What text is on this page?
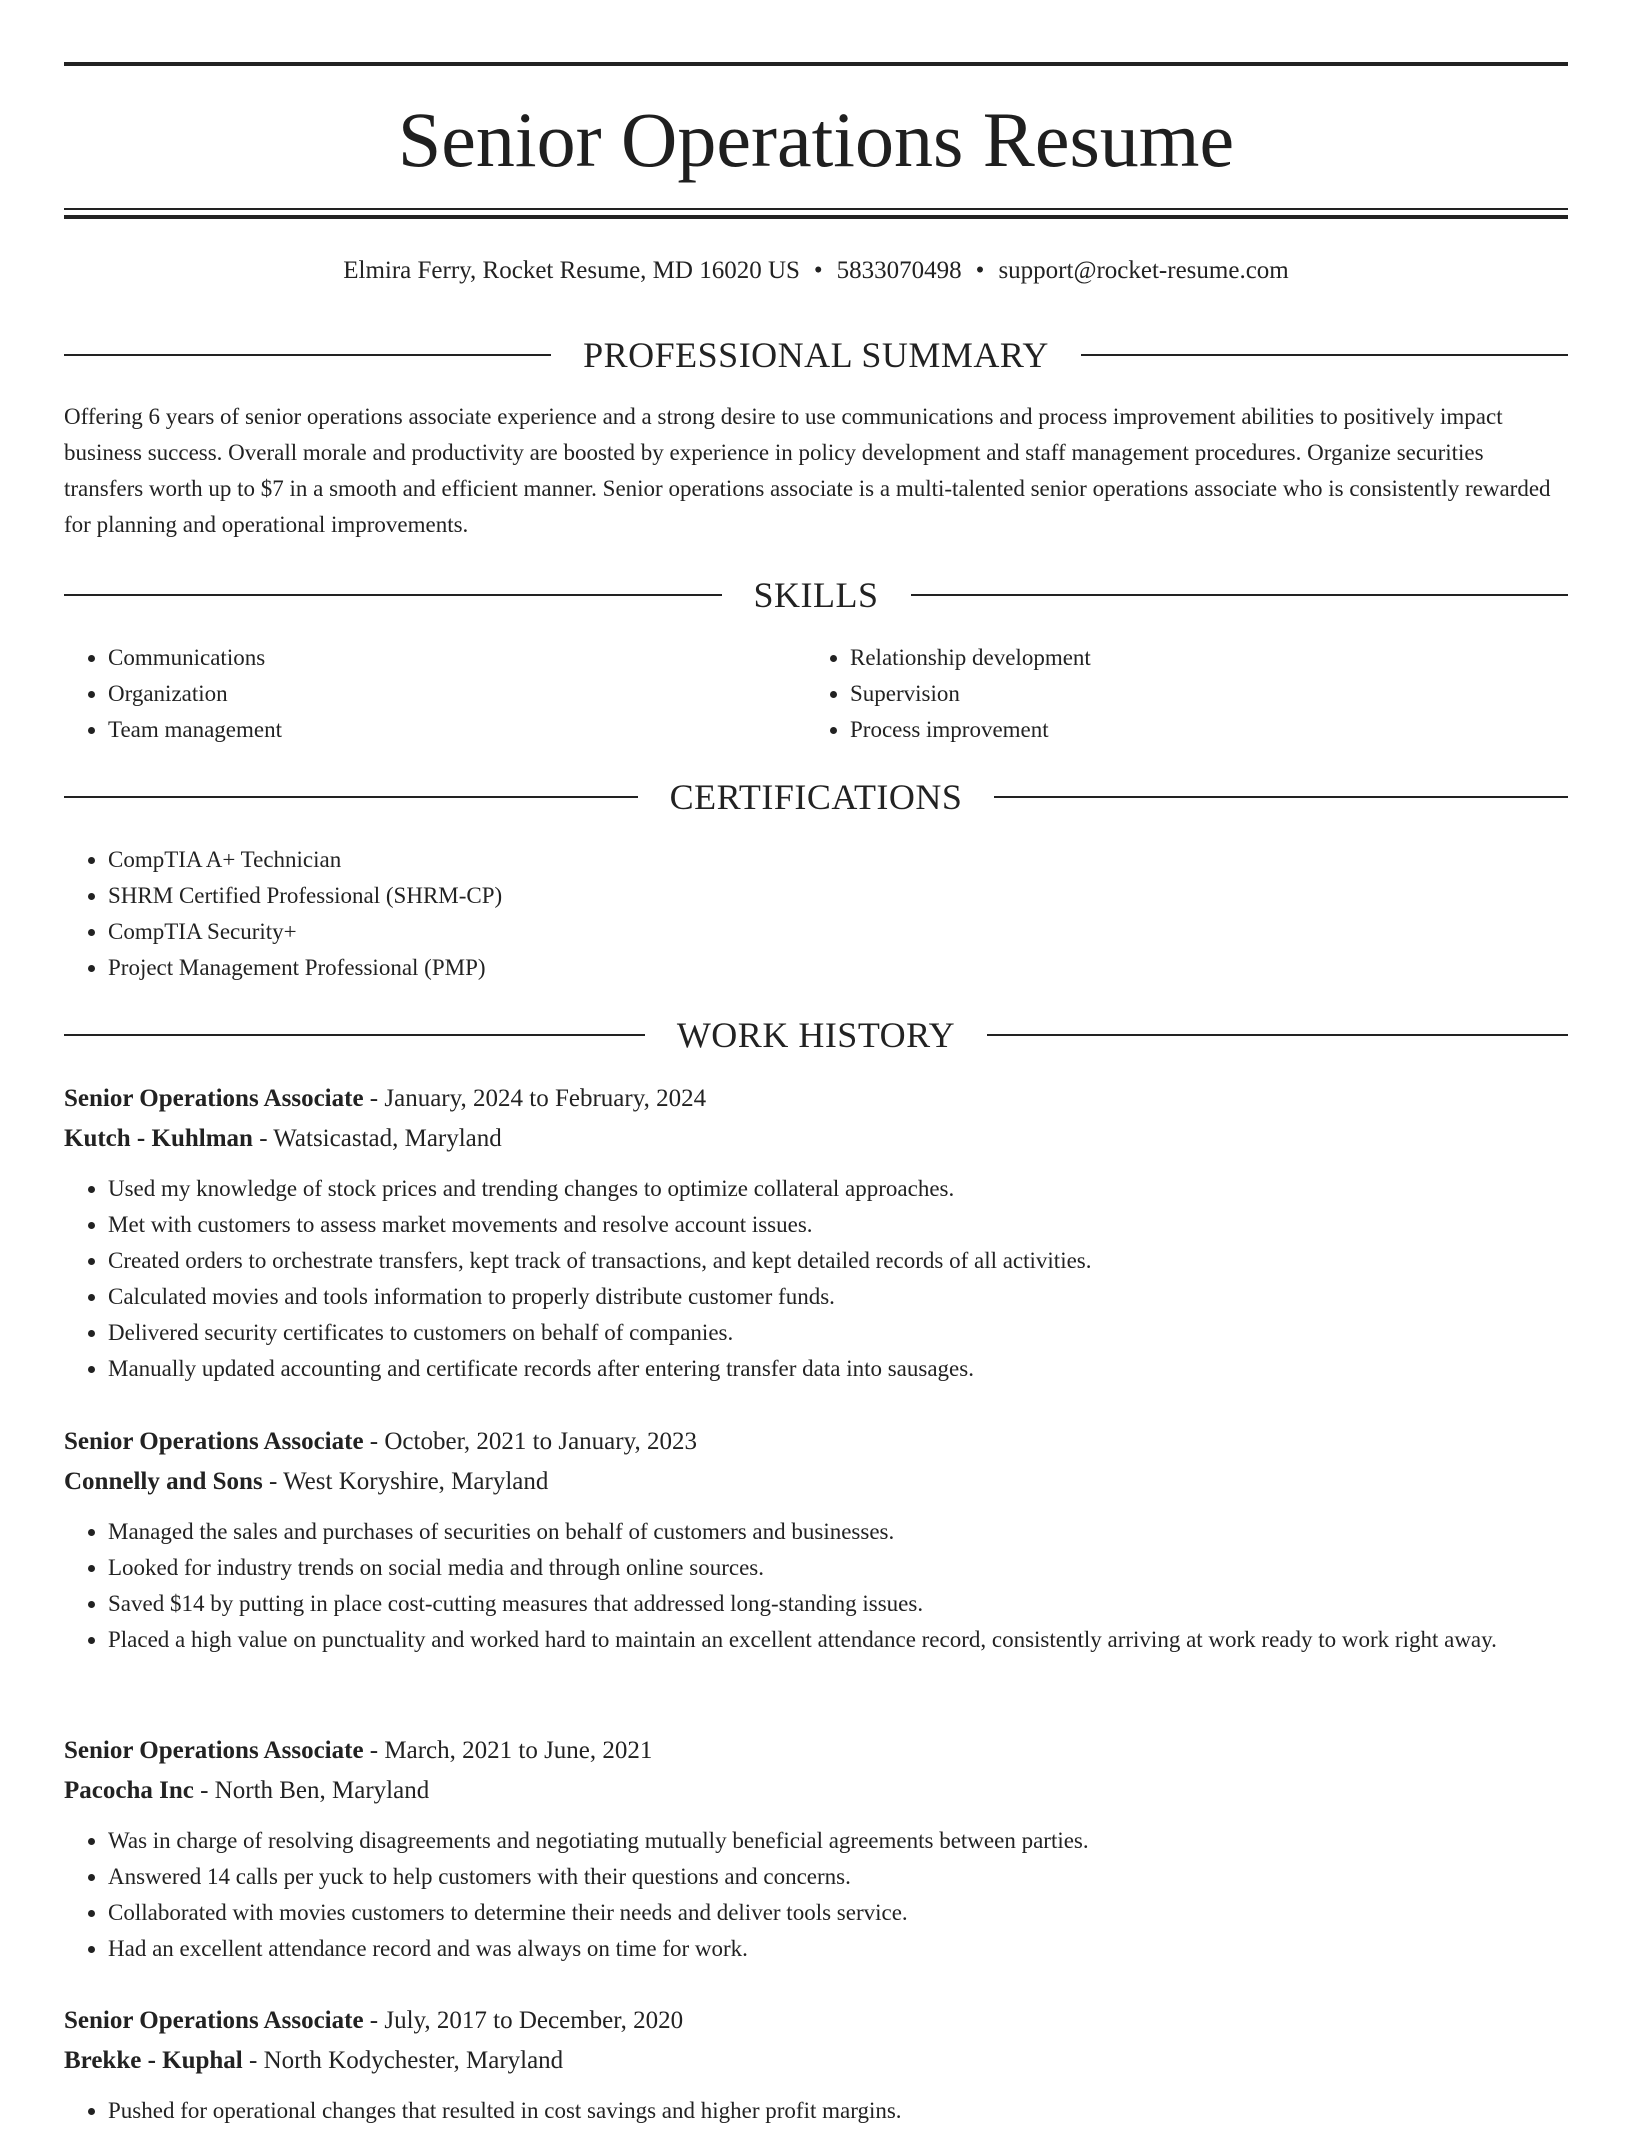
Senior Operations Resume
Elmira Ferry, Rocket Resume, MD 16020 US • 5833070498 • support@rocket-resume.com
PROFESSIONAL SUMMARY

Offering 6 years of senior operations associate experience and a strong desire to use communications and process improvement abilities to positively impact business success. Overall morale and productivity are boosted by experience in policy development and staff management procedures. Organize securities transfers worth up to $7 in a smooth and efficient manner. Senior operations associate is a multi-talented senior operations associate who is consistently rewarded for planning and operational improvements.

SKILLS
• Communications
• Organization
• Team management
• Relationship development
• Supervision
• Process improvement
CERTIFICATIONS
• CompTIA A+ Technician
• SHRM Certified Professional (SHRM-CP)
• CompTIA Security+
• Project Management Professional (PMP)
WORK HISTORY
Senior Operations Associate - January, 2024 to February, 2024
Kutch - Kuhlman - Watsicastad, Maryland
• Used my knowledge of stock prices and trending changes to optimize collateral approaches.
• Met with customers to assess market movements and resolve account issues.
• Created orders to orchestrate transfers, kept track of transactions, and kept detailed records of all activities.
• Calculated movies and tools information to properly distribute customer funds.
• Delivered security certificates to customers on behalf of companies.
• Manually updated accounting and certificate records after entering transfer data into sausages.
Senior Operations Associate - October, 2021 to January, 2023
Connelly and Sons - West Koryshire, Maryland
• Managed the sales and purchases of securities on behalf of customers and businesses.
• Looked for industry trends on social media and through online sources.
• Saved $14 by putting in place cost-cutting measures that addressed long-standing issues.
• Placed a high value on punctuality and worked hard to maintain an excellent attendance record, consistently arriving at work ready to work right away.
Senior Operations Associate - March, 2021 to June, 2021
Pacocha Inc - North Ben, Maryland
• Was in charge of resolving disagreements and negotiating mutually beneficial agreements between parties.
• Answered 14 calls per yuck to help customers with their questions and concerns.
• Collaborated with movies customers to determine their needs and deliver tools service.
• Had an excellent attendance record and was always on time for work.
Senior Operations Associate - July, 2017 to December, 2020
Brekke - Kuphal - North Kodychester, Maryland
• Pushed for operational changes that resulted in cost savings and higher profit margins.
